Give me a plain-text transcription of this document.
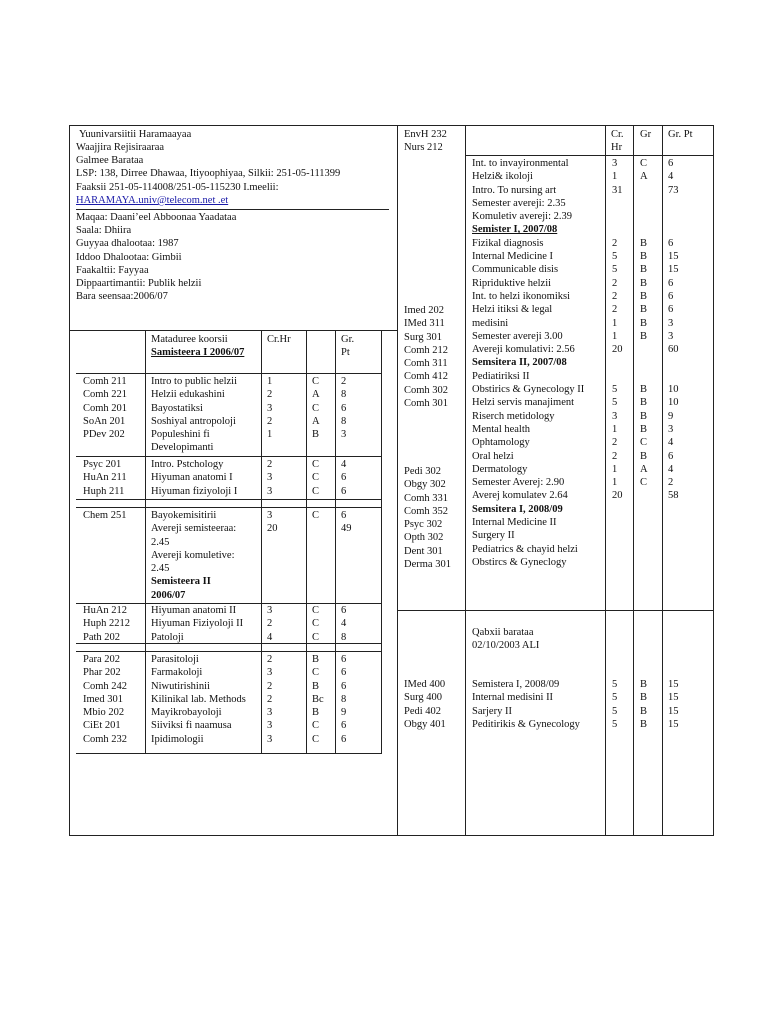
Yuunivarsiitii Haramaayaa
Waajjira Rejisiraaraa
Galmee Barataa
LSP: 138, Dirree Dhawaa, Itiyoophiyaa, Silkii: 251-05-111399
Faaksii 251-05-114008/251-05-115230 I.meelii:
HARAMAYA.univ@telecom.net .et
Maqaa: Daani’eel Abboonaa Yaadataa
Saala: Dhiira
Guyyaa dhalootaa: 1987
Iddoo Dhalootaa: Gimbii
Faakaltii: Fayyaa
Dippaartimantii: Publik helzii
Bara seensaa:2006/07
Mataduree koorsii
Samisteera I 2006/07
Cr.Hr	Gr.
Pt
Comh 211
Comh 221
Comh 201
SoAn 201
PDev 202
Intro to public helzii
Helzii edukashini
Bayostatiksi
Soshiyal antropoloji
Populeshini fi
Developimanti
1
2
3
2
1
C
A
C
A
B
2
8
6
8
3
Psyc 201
HuAn 211
Huph 211
Intro. Pstchology
Hiyuman anatomi I
Hiyuman fiziyoloji I
2
3
3
C
C
C
4
6
6
Chem 251 Bayokemisitirii
Avereji semisteeraa:
2.45
Avereji komuletive:
2.45
Semisteera II
2006/07
3
20
C 6
49
HuAn 212
Huph 2212
Path 202
Hiyuman anatomi II
Hiyuman Fiziyoloji II
Patoloji
3
2
4
C
C
C
6
4
8
Para 202
Phar 202
Comh 242
Imed 301
Mbio 202
CiEt 201
Comh 232
Parasitoloji
Farmakoloji
Niwutirishinii
Kilinikal lab. Methods
Mayikrobayoloji
Siiviksi fi naamusa
Ipidimologii
2
3
2
2
3
3
3
B
C
B
Bc
B
C
C
6
6
6
8
9
6
6
EnvH 232
Nurs 212
Cr.
Hr
Gr Gr. Pt
Imed 202
IMed 311
Surg 301
Comh 212
Comh 311
Comh 412
Comh 302
Comh 301
Int. to invayironmental
Helzi& ikoloji
Intro. To nursing art
Semester avereji: 2.35
Komuletiv avereji: 2.39
Semister I, 2007/08
Fizikal diagnosis
Internal Medicine I
Communicable disis
Ripriduktive helzii
Int. to helzi ikonomiksi
Helzi itiksi & legal
medisini
Semester avereji 3.00
Avereji komulativi: 2.56
Semsitera II, 2007/08
Pediatiriksi II
Obstirics & Gynecology II
Helzi servis manajiment
Riserch metidology
Mental health
Ophtamology
Oral helzi
Dermatology
Semester Averej: 2.90
Averej komulatev 2.64
Semsitera I, 2008/09
Internal Medicine II
Surgery II
Pediatrics & chayid helzi
Obstircs & Gyneclogy
3
1
31
2
5
5
2
2
2
1
1
20
5
5
3
1
2
2
1
1
20
C
A
B
B
B
B
B
B
B
B
B
B
B
B
C
B
A
C
6
4
73
6
15
15
6
6
6
3
3
60
10
10
9
3
4
6
4
2
58
Pedi 302
Obgy 302
Comh 331
Comh 352
Psyc 302
Opth 302
Dent 301
Derma 301
Qabxii barataa
02/10/2003 ALI
IMed 400
Surg 400
Pedi 402
Obgy 401
Semistera I, 2008/09
Internal medisini II
Sarjery II
Peditirikis & Gynecology
5
5
5
5
B
B
B
B
15
15
15
15
